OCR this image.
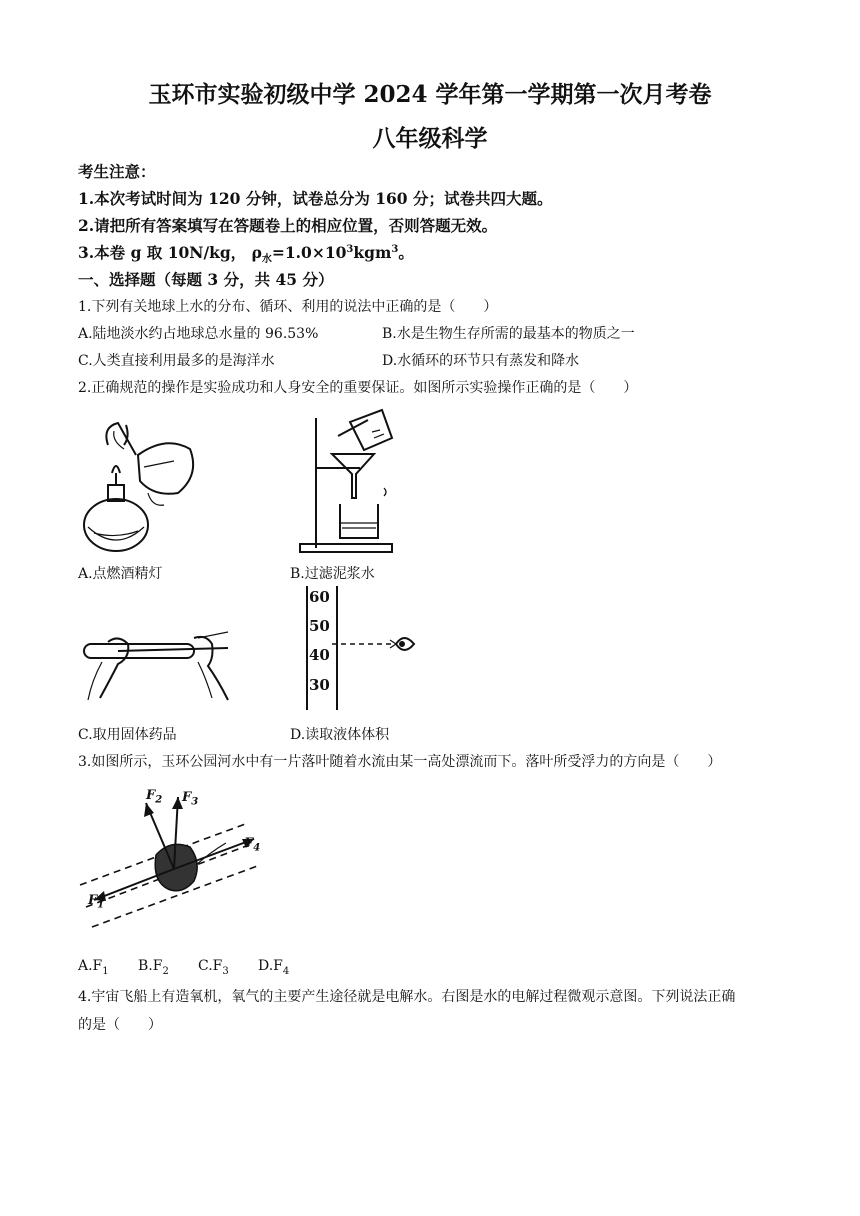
玉环市实验初级中学 2024 学年第一学期第一次月考卷
八年级科学
考生注意：
1.本次考试时间为 120 分钟，试卷总分为 160 分；试卷共四大题。
2.请把所有答案填写在答题卷上的相应位置，否则答题无效。
3.本卷 g 取 10N/kg， $\rho_水=1.0\times 10^3kgm^3$。
一、选择题（每题 3 分，共 45 分）
1.下列有关地球上水的分布、循环、利用的说法中正确的是（　　）
A.陆地淡水约占地球总水量的 96.53%	B.水是生物生存所需的最基本的物质之一
C.人类直接利用最多的是海洋水	D.水循环的环节只有蒸发和降水
2.正确规范的操作是实验成功和人身安全的重要保证。如图所示实验操作正确的是（　　）
A.点燃酒精灯	B.过滤泥浆水
C.取用固体药品
60
50
40
30
D.读取液体体积
3.如图所示，玉环公园河水中有一片落叶随着水流由某一高处漂流而下。落叶所受浮力的方向是（　　）
$F_1$
$F_2$ $F_3$
$F_4$
$A.F_1$ $B.F_2$ $C.F_3$ $D.F_4$
4.宇宙飞船上有造氧机，氧气的主要产生途径就是电解水。右图是水的电解过程微观示意图。下列说法正确
的是（　　）
